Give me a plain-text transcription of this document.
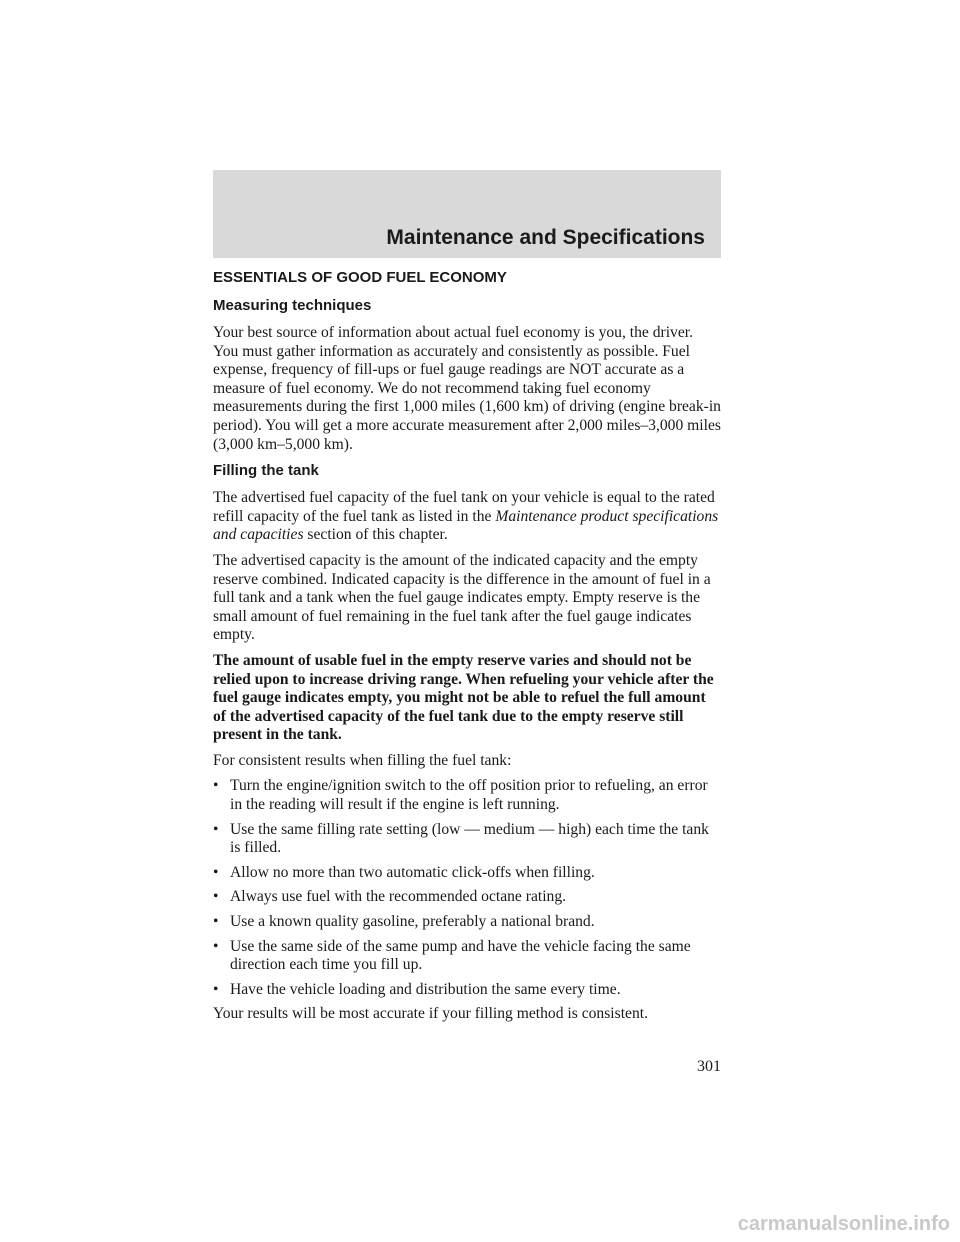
Maintenance and Specifications
ESSENTIALS OF GOOD FUEL ECONOMY
Measuring techniques

Your best source of information about actual fuel economy is you, the driver. You must gather information as accurately and consistently as possible. Fuel expense, frequency of fill-ups or fuel gauge readings are NOT accurate as a measure of fuel economy. We do not recommend taking fuel economy measurements during the first 1,000 miles (1,600 km) of driving (engine break-in period). You will get a more accurate measurement after 2,000 miles–3,000 miles (3,000 km–5,000 km).

Filling the tank

The advertised fuel capacity of the fuel tank on your vehicle is equal to the rated refill capacity of the fuel tank as listed in the Maintenance product specifications and capacities section of this chapter.

The advertised capacity is the amount of the indicated capacity and the empty reserve combined. Indicated capacity is the difference in the amount of fuel in a full tank and a tank when the fuel gauge indicates empty. Empty reserve is the small amount of fuel remaining in the fuel tank after the fuel gauge indicates empty.

The amount of usable fuel in the empty reserve varies and should not be relied upon to increase driving range. When refueling your vehicle after the fuel gauge indicates empty, you might not be able to refuel the full amount of the advertised capacity of the fuel tank due to the empty reserve still present in the tank.

For consistent results when filling the fuel tank:

• Turn the engine/ignition switch to the off position prior to refueling, an error in the reading will result if the engine is left running.
• Use the same filling rate setting (low — medium — high) each time the tank is filled.
• Allow no more than two automatic click-offs when filling.
• Always use fuel with the recommended octane rating.
• Use a known quality gasoline, preferably a national brand.
• Use the same side of the same pump and have the vehicle facing the same direction each time you fill up.
• Have the vehicle loading and distribution the same every time.

Your results will be most accurate if your filling method is consistent.

301
carmanualsonline.info
